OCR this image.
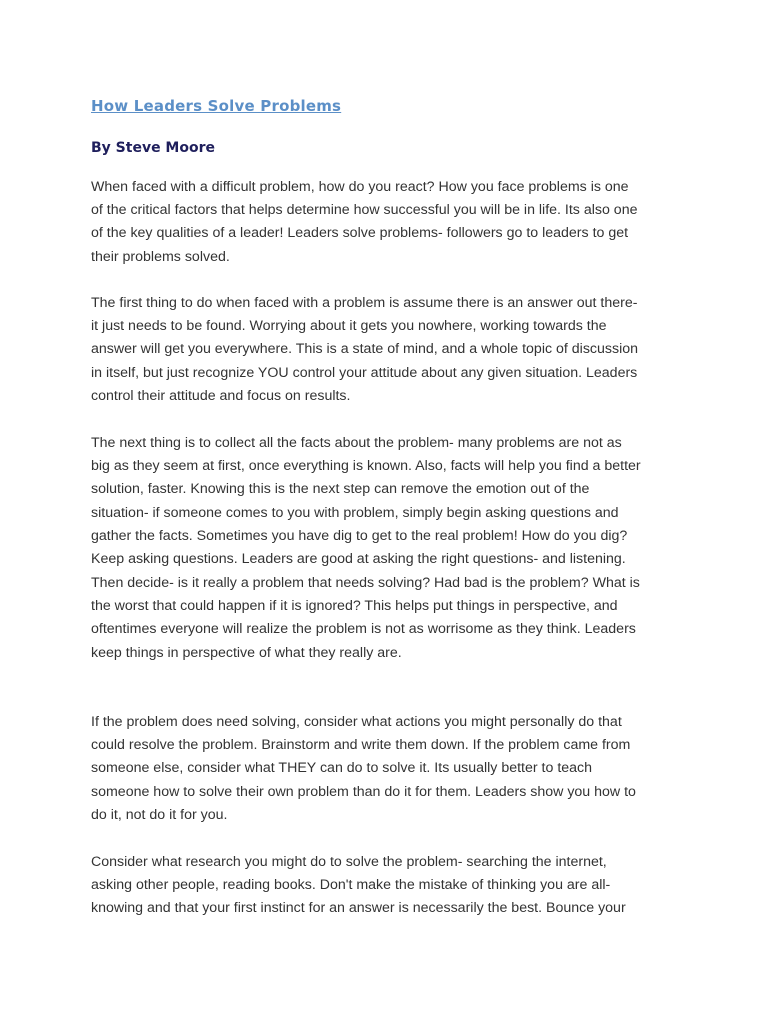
How Leaders Solve Problems
By Steve Moore

When faced with a difficult problem, how do you react? How you face problems is one
of the critical factors that helps determine how successful you will be in life. Its also one
of the key qualities of a leader! Leaders solve problems- followers go to leaders to get
their problems solved.

The first thing to do when faced with a problem is assume there is an answer out there-
it just needs to be found. Worrying about it gets you nowhere, working towards the
answer will get you everywhere. This is a state of mind, and a whole topic of discussion
in itself, but just recognize YOU control your attitude about any given situation. Leaders
control their attitude and focus on results.

The next thing is to collect all the facts about the problem- many problems are not as
big as they seem at first, once everything is known. Also, facts will help you find a better
solution, faster. Knowing this is the next step can remove the emotion out of the
situation- if someone comes to you with problem, simply begin asking questions and
gather the facts. Sometimes you have dig to get to the real problem! How do you dig?
Keep asking questions. Leaders are good at asking the right questions- and listening.

Then decide- is it really a problem that needs solving? Had bad is the problem? What is
the worst that could happen if it is ignored? This helps put things in perspective, and
oftentimes everyone will realize the problem is not as worrisome as they think. Leaders
keep things in perspective of what they really are.

If the problem does need solving, consider what actions you might personally do that
could resolve the problem. Brainstorm and write them down. If the problem came from
someone else, consider what THEY can do to solve it. Its usually better to teach
someone how to solve their own problem than do it for them. Leaders show you how to
do it, not do it for you.

Consider what research you might do to solve the problem- searching the internet,
asking other people, reading books. Don't make the mistake of thinking you are all-
knowing and that your first instinct for an answer is necessarily the best. Bounce your
